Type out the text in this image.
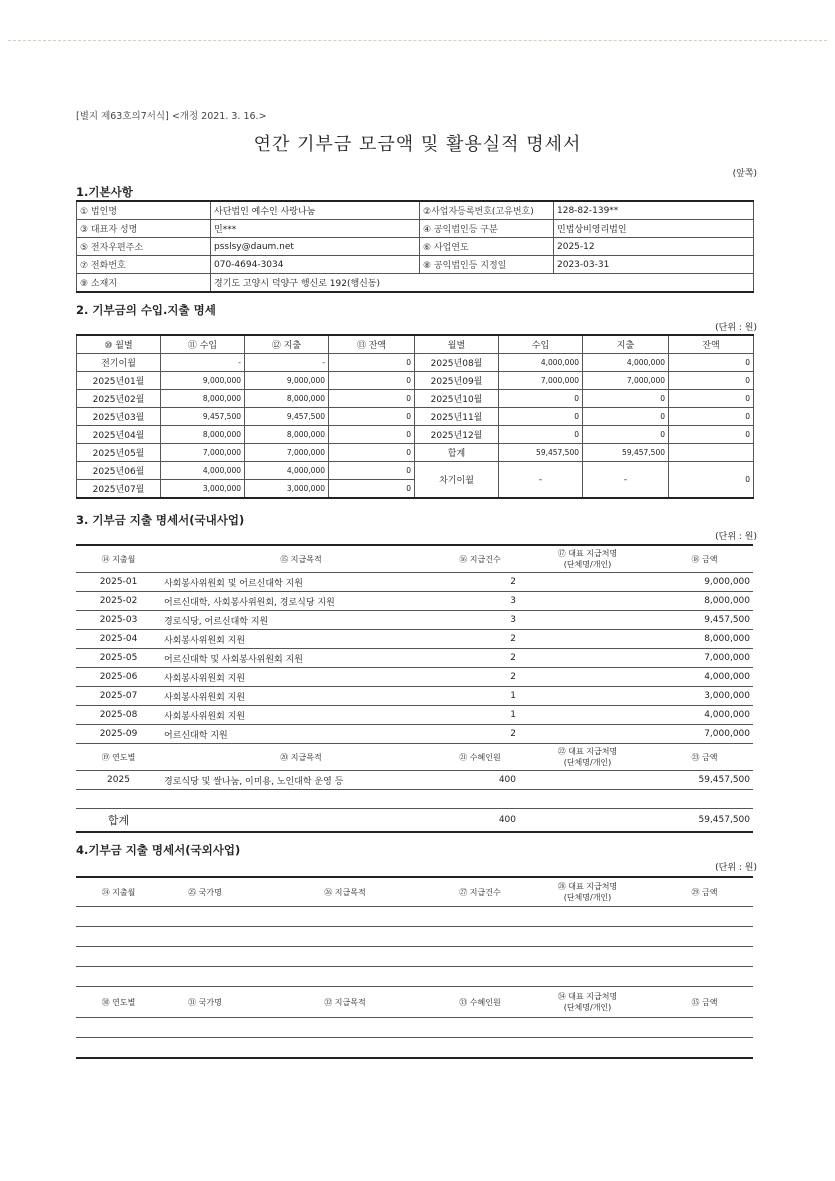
[별지 제63호의7서식] <개정 2021. 3. 16.>
연간 기부금 모금액 및 활용실적 명세서
(앞쪽)
1.기본사항
① 법인명	사단법인 예수인 사랑나눔	②사업자등록번호(고유번호)	128-82-139**
③ 대표자 성명	민***	④ 공익법인등 구분	민법상비영리법인
⑤ 전자우편주소	psslsy@daum.net	⑥ 사업연도	2025-12
⑦ 전화번호	070-4694-3034	⑧ 공익법인등 지정일	2023-03-31
⑨ 소재지	경기도 고양시 덕양구 행신로 192(행신동)		
2. 기부금의 수입.지출 명세
(단위 : 원)
⑩ 월별	⑪ 수입	⑫ 지출	⑬ 잔액	월별	수입	지출	잔액
전기이월	-	-	0	2025년08월	4,000,000	4,000,000	0
2025년01월	9,000,000	9,000,000	0	2025년09월	7,000,000	7,000,000	0
2025년02월	8,000,000	8,000,000	0	2025년10월	0	0	0
2025년03월	9,457,500	9,457,500	0	2025년11월	0	0	0
2025년04월	8,000,000	8,000,000	0	2025년12월	0	0	0
2025년05월	7,000,000	7,000,000	0	합계	59,457,500	59,457,500	
2025년06월	4,000,000	4,000,000	0	차기이월	-	-	0
2025년07월	3,000,000	3,000,000	0				
3. 기부금 지출 명세서(국내사업)
(단위 : 원)
⑭ 지출월	⑮ 지급목적	⑯ 지급건수	⑰ 대표 지급처명
(단체명/개인)	⑱ 금액

2025-01	사회봉사위원회 및 어르신대학 지원	2		9,000,000
2025-02	어르신대학, 사회봉사위원회, 경로식당 지원	3		8,000,000
2025-03	경로식당, 어르신대학 지원	3		9,457,500
2025-04	사회봉사위원회 지원	2		8,000,000
2025-05	어르신대학 및 사회봉사위원회 지원	2		7,000,000
2025-06	사회봉사위원회 지원	2		4,000,000
2025-07	사회봉사위원회 지원	1		3,000,000
2025-08	사회봉사위원회 지원	1		4,000,000
2025-09	어르신대학 지원	2		7,000,000

⑲ 연도별	⑳ 지급목적	㉑ 수혜인원	㉒ 대표 지급처명
(단체명/개인)	㉓ 금액

2025	경로식당 및 쌀나눔, 이미용, 노인대학 운영 등	400		59,457,500

합계		400		59,457,500
4.기부금 지출 명세서(국외사업)
(단위 : 원)
㉔ 지출월	㉕ 국가명	㉖ 지급목적	㉗ 지급건수	㉘ 대표 지급처명
(단체명/개인)	㉙ 금액

㉚ 연도별	㉛ 국가명	㉜ 지급목적	㉝ 수혜인원	㉞ 대표 지급처명
(단체명/개인)	㉟ 금액
